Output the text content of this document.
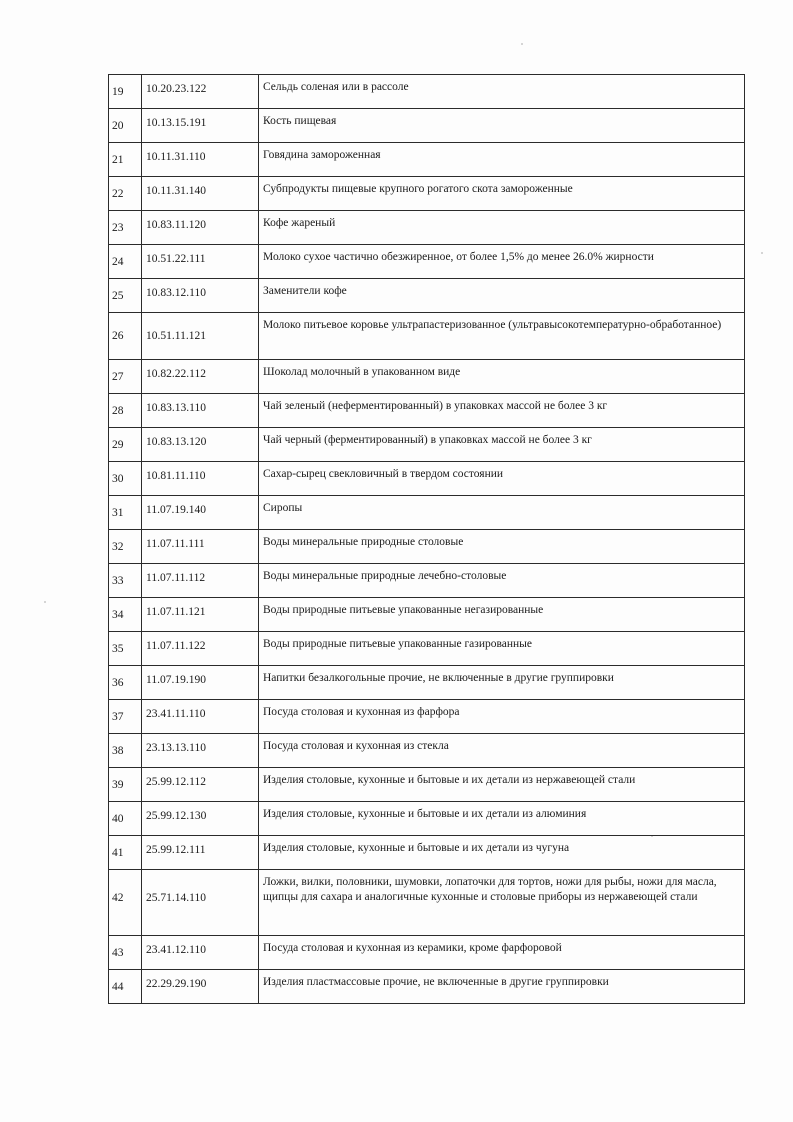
19	10.20.23.122	Сельдь соленая или в рассоле
20	10.13.15.191	Кость пищевая
21	10.11.31.110	Говядина замороженная
22	10.11.31.140	Субпродукты пищевые крупного рогатого скота замороженные
23	10.83.11.120	Кофе жареный
24	10.51.22.111	Молоко сухое частично обезжиренное, от более 1,5% до менее 26.0% жирности
25	10.83.12.110	Заменители кофе
26	10.51.11.121	Молоко питьевое коровье ультрапастеризованное (ультравысокотемпературно-обработанное)
27	10.82.22.112	Шоколад молочный в упакованном виде
28	10.83.13.110	Чай зеленый (неферментированный) в упаковках массой не более 3 кг
29	10.83.13.120	Чай черный (ферментированный) в упаковках массой не более 3 кг
30	10.81.11.110	Сахар-сырец свекловичный в твердом состоянии
31	11.07.19.140	Сиропы
32	11.07.11.111	Воды минеральные природные столовые
33	11.07.11.112	Воды минеральные природные лечебно-столовые
34	11.07.11.121	Воды природные питьевые упакованные негазированные
35	11.07.11.122	Воды природные питьевые упакованные газированные
36	11.07.19.190	Напитки безалкогольные прочие, не включенные в другие группировки
37	23.41.11.110	Посуда столовая и кухонная из фарфора
38	23.13.13.110	Посуда столовая и кухонная из стекла
39	25.99.12.112	Изделия столовые, кухонные и бытовые и их детали из нержавеющей стали
40	25.99.12.130	Изделия столовые, кухонные и бытовые и их детали из алюминия
41	25.99.12.111	Изделия столовые, кухонные и бытовые и их детали из чугуна
42	25.71.14.110	Ложки, вилки, половники, шумовки, лопаточки для тортов, ножи для рыбы, ножи для масла, щипцы для сахара и аналогичные кухонные и столовые приборы из нержавеющей стали
43	23.41.12.110	Посуда столовая и кухонная из керамики, кроме фарфоровой
44	22.29.29.190	Изделия пластмассовые прочие, не включенные в другие группировки
